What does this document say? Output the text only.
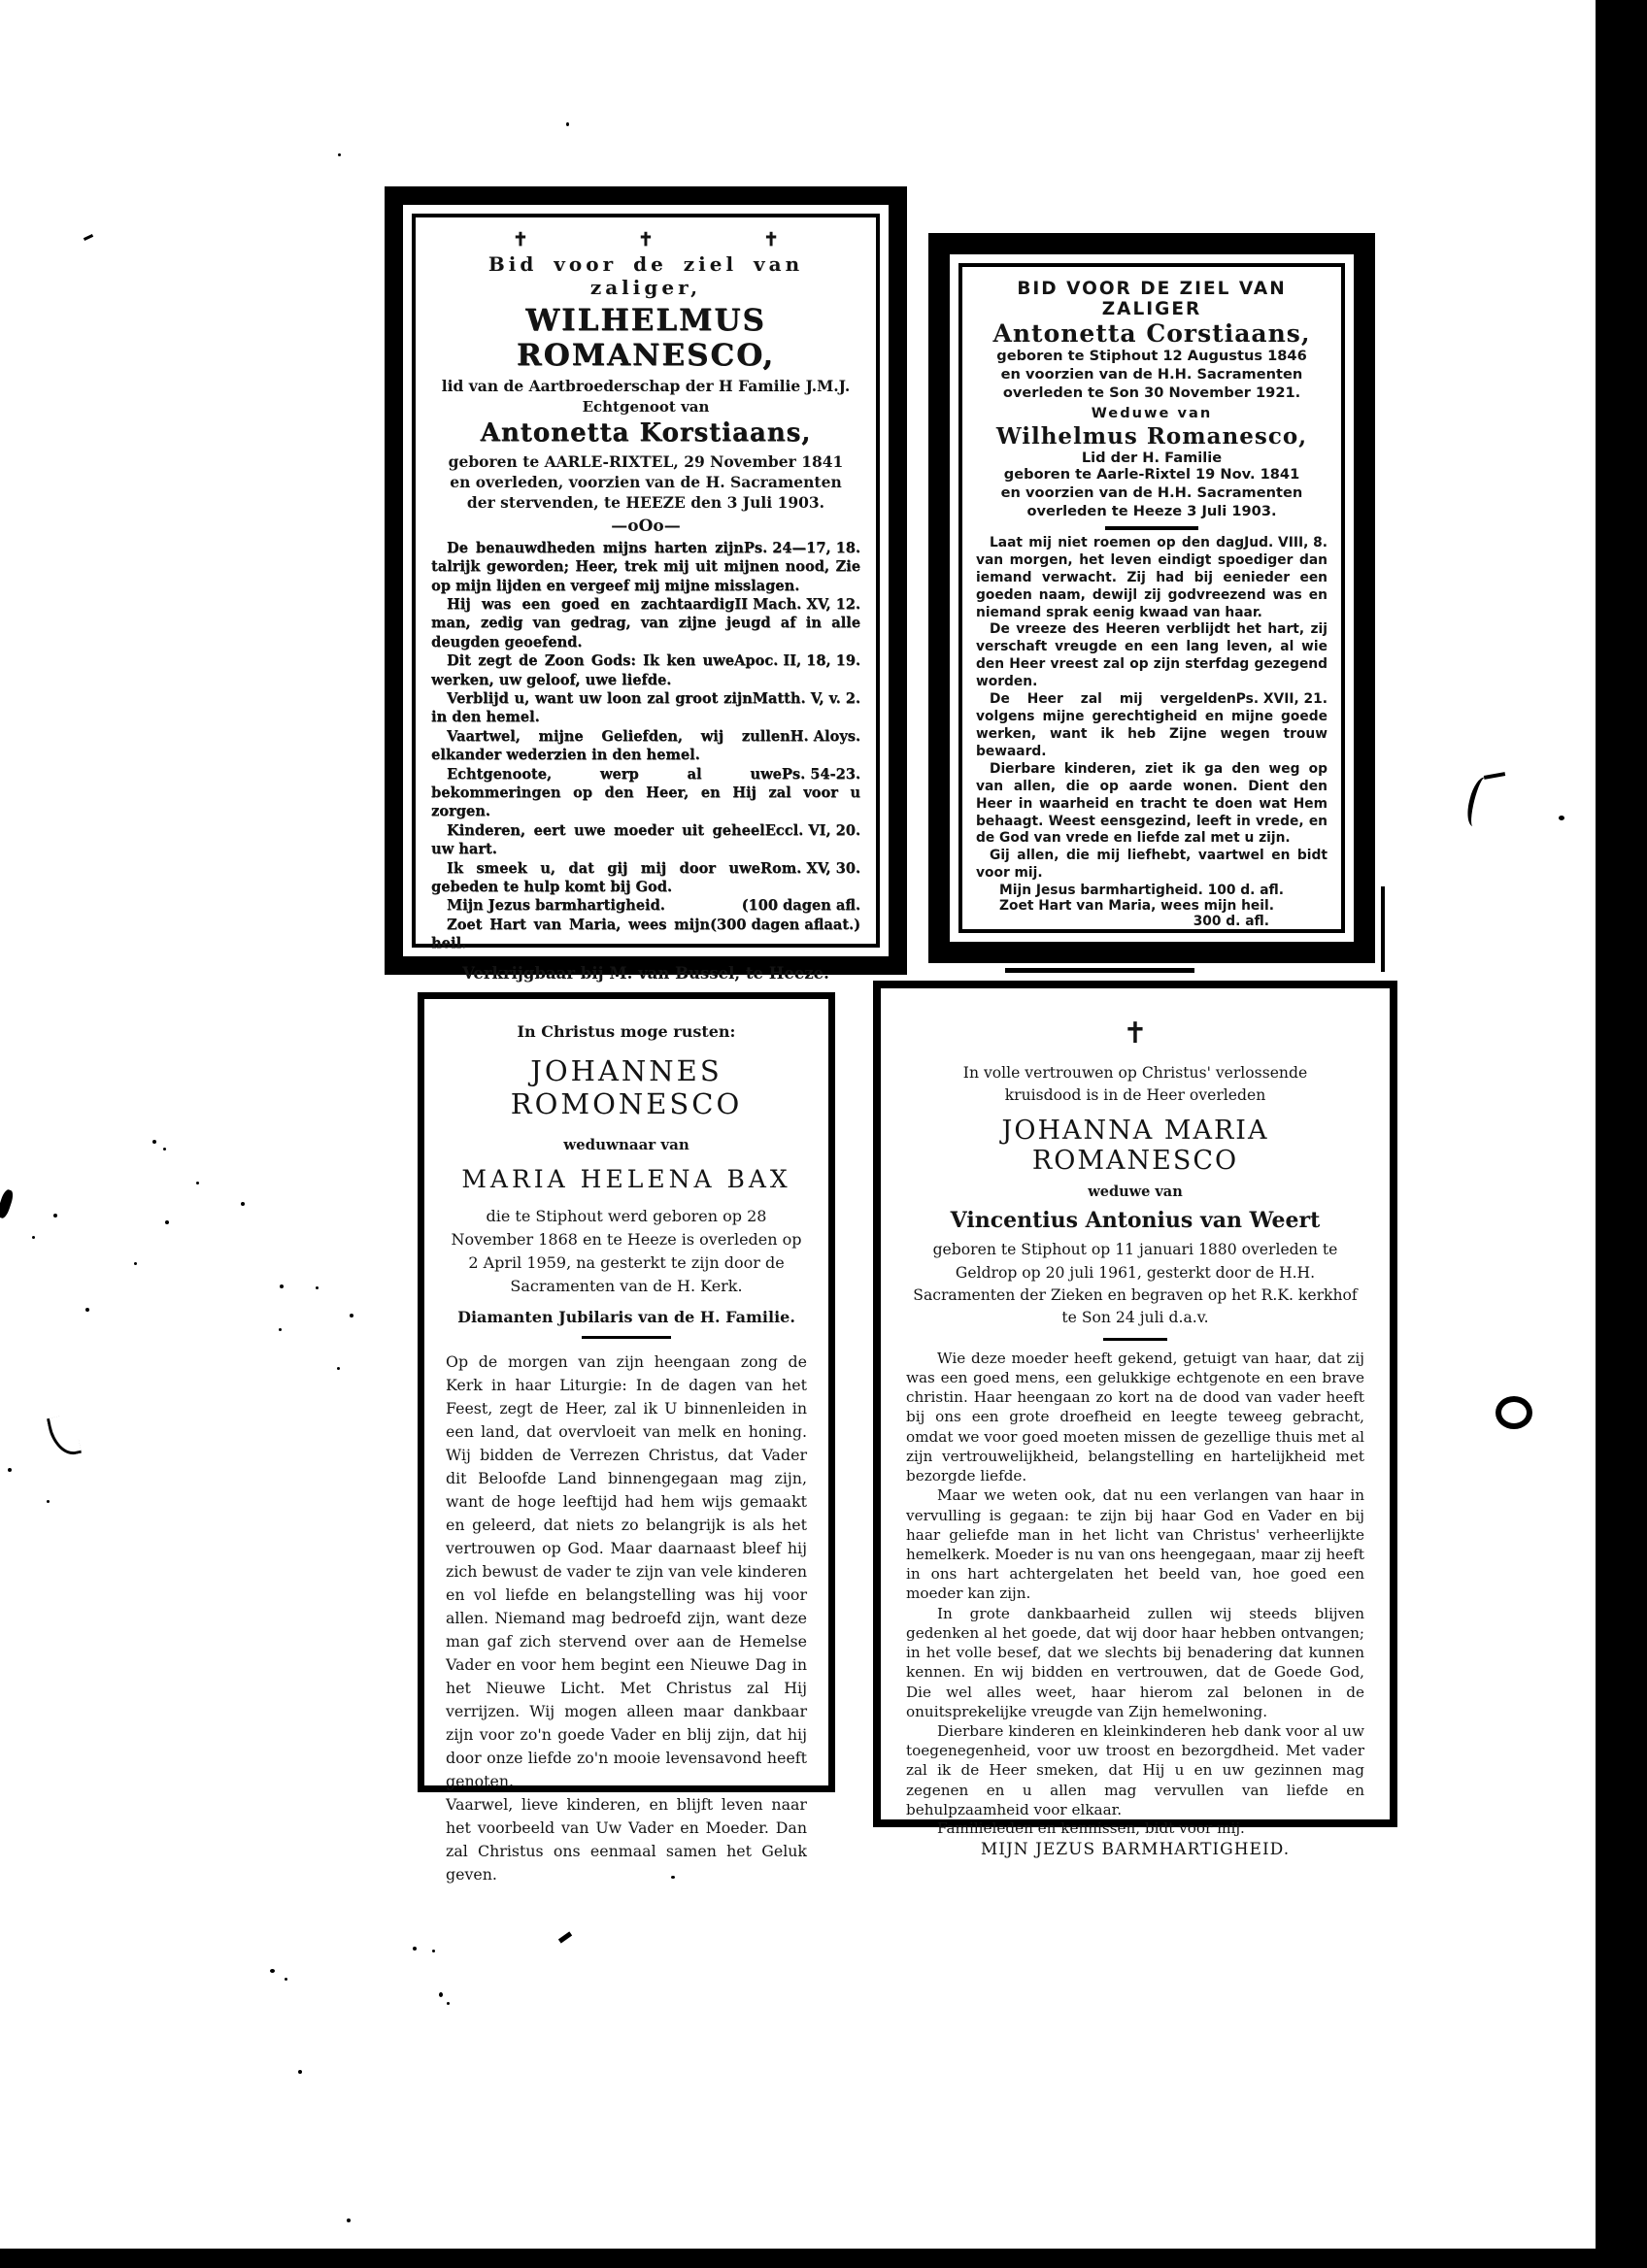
✝	✝	✝
Bid voor de ziel van zaliger,
WILHELMUS ROMANESCO,
lid van de Aartbroederschap der H Familie J.M.J.
Echtgenoot van
Antonetta Korstiaans,
geboren te AARLE-RIXTEL, 29 November 1841
en overleden, voorzien van de H. Sacramenten
der stervenden, te HEEZE den 3 Juli 1903.
—oOo—

Ps. 24—17, 18.
De benauwdheden mijns harten zijn talrijk geworden; Heer, trek mij uit mijnen nood, Zie op mijn lijden en vergeef mij mijne misslagen.

II Mach. XV, 12.
Hij was een goed en zachtaardig man, zedig van gedrag, van zijne jeugd af in alle deugden geoefend.

Apoc. II, 18, 19.
Dit zegt de Zoon Gods: Ik ken uwe werken, uw geloof, uwe liefde.

Matth. V, v. 2.
Verblijd u, want uw loon zal groot zijn in den hemel.

H. Aloys.
Vaartwel, mijne Geliefden, wij zullen elkander wederzien in den hemel.

Ps. 54-23.
Echtgenoote, werp al uwe bekommeringen op den Heer, en Hij zal voor u zorgen.

Eccl. VI, 20.
Kinderen, eert uwe moeder uit geheel uw hart.

Rom. XV, 30.
Ik smeek u, dat gij mij door uwe gebeden te hulp komt bij God.

(100 dagen afl.
Mijn Jezus barmhartigheid.

(300 dagen aflaat.)
Zoet Hart van Maria, wees mijn heil.

Verkrijgbaar bij M. van Bussel, te Heeze.
BID VOOR DE ZIEL VAN ZALIGER
Antonetta Corstiaans,
geboren te Stiphout 12 Augustus 1846
en voorzien van de H.H. Sacramenten
overleden te Son 30 November 1921.
Weduwe van
Wilhelmus Romanesco,
Lid der H. Familie
geboren te Aarle-Rixtel 19 Nov. 1841
en voorzien van de H.H. Sacramenten
overleden te Heeze 3 Juli 1903.

Jud. VIII, 8.
Laat mij niet roemen op den dag van morgen, het leven eindigt spoediger dan iemand verwacht. Zij had bij eenieder een goeden naam, dewijl zij godvreezend was en niemand sprak eenig kwaad van haar.

De vreeze des Heeren verblijdt het hart, zij verschaft vreugde en een lang leven, al wie den Heer vreest zal op zijn sterfdag gezegend worden.

Ps. XVII, 21.
De Heer zal mij vergelden volgens mijne gerechtigheid en mijne goede werken, want ik heb Zijne wegen trouw bewaard.

Dierbare kinderen, ziet ik ga den weg op van allen, die op aarde wonen. Dient den Heer in waarheid en tracht te doen wat Hem behaagt. Weest eensgezind, leeft in vrede, en de God van vrede en liefde zal met u zijn.

Gij allen, die mij liefhebt, vaartwel en bidt voor mij.

Mijn Jesus barmhartigheid. 100 d. afl.
Zoet Hart van Maria, wees mijn heil.
300 d. afl.
In Christus moge rusten:
JOHANNES ROMONESCO
weduwnaar van
MARIA HELENA BAX
die te Stiphout werd geboren op 28 November 1868 en te Heeze is overleden op 2 April 1959, na gesterkt te zijn door de Sacramenten van de H. Kerk.
Diamanten Jubilaris van de H. Familie.

Op de morgen van zijn heengaan zong de Kerk in haar Liturgie: In de dagen van het Feest, zegt de Heer, zal ik U binnenleiden in een land, dat overvloeit van melk en honing. Wij bidden de Verrezen Christus, dat Vader dit Beloofde Land binnengegaan mag zijn, want de hoge leeftijd had hem wijs gemaakt en geleerd, dat niets zo belangrijk is als het vertrouwen op God. Maar daarnaast bleef hij zich bewust de vader te zijn van vele kinderen en vol liefde en belangstelling was hij voor allen. Niemand mag bedroefd zijn, want deze man gaf zich stervend over aan de Hemelse Vader en voor hem begint een Nieuwe Dag in het Nieuwe Licht. Met Christus zal Hij verrijzen. Wij mogen alleen maar dankbaar zijn voor zo'n goede Vader en blij zijn, dat hij door onze liefde zo'n mooie levensavond heeft genoten.

Vaarwel, lieve kinderen, en blijft leven naar het voorbeeld van Uw Vader en Moeder. Dan zal Christus ons eenmaal samen het Geluk geven.

✝
In volle vertrouwen op Christus' verlossende kruisdood is in de Heer overleden
JOHANNA MARIA ROMANESCO
weduwe van
Vincentius Antonius van Weert
geboren te Stiphout op 11 januari 1880 overleden te Geldrop op 20 juli 1961, gesterkt door de H.H. Sacramenten der Zieken en begraven op het R.K. kerkhof te Son 24 juli d.a.v.

Wie deze moeder heeft gekend, getuigt van haar, dat zij was een goed mens, een gelukkige echtgenote en een brave christin. Haar heengaan zo kort na de dood van vader heeft bij ons een grote droefheid en leegte teweeg gebracht, omdat we voor goed moeten missen de gezellige thuis met al zijn vertrouwelijkheid, belangstelling en hartelijkheid met bezorgde liefde.

Maar we weten ook, dat nu een verlangen van haar in vervulling is gegaan: te zijn bij haar God en Vader en bij haar geliefde man in het licht van Christus' verheerlijkte hemelkerk. Moeder is nu van ons heengegaan, maar zij heeft in ons hart achtergelaten het beeld van, hoe goed een moeder kan zijn.

In grote dankbaarheid zullen wij steeds blijven gedenken al het goede, dat wij door haar hebben ontvangen; in het volle besef, dat we slechts bij benadering dat kunnen kennen. En wij bidden en vertrouwen, dat de Goede God, Die wel alles weet, haar hierom zal belonen in de onuitsprekelijke vreugde van Zijn hemelwoning.

Dierbare kinderen en kleinkinderen heb dank voor al uw toegenegenheid, voor uw troost en bezorgdheid. Met vader zal ik de Heer smeken, dat Hij u en uw gezinnen mag zegenen en u allen mag vervullen van liefde en behulpzaamheid voor elkaar.

Familieleden en kennissen, bidt voor mij.
MIJN JEZUS BARMHARTIGHEID.
